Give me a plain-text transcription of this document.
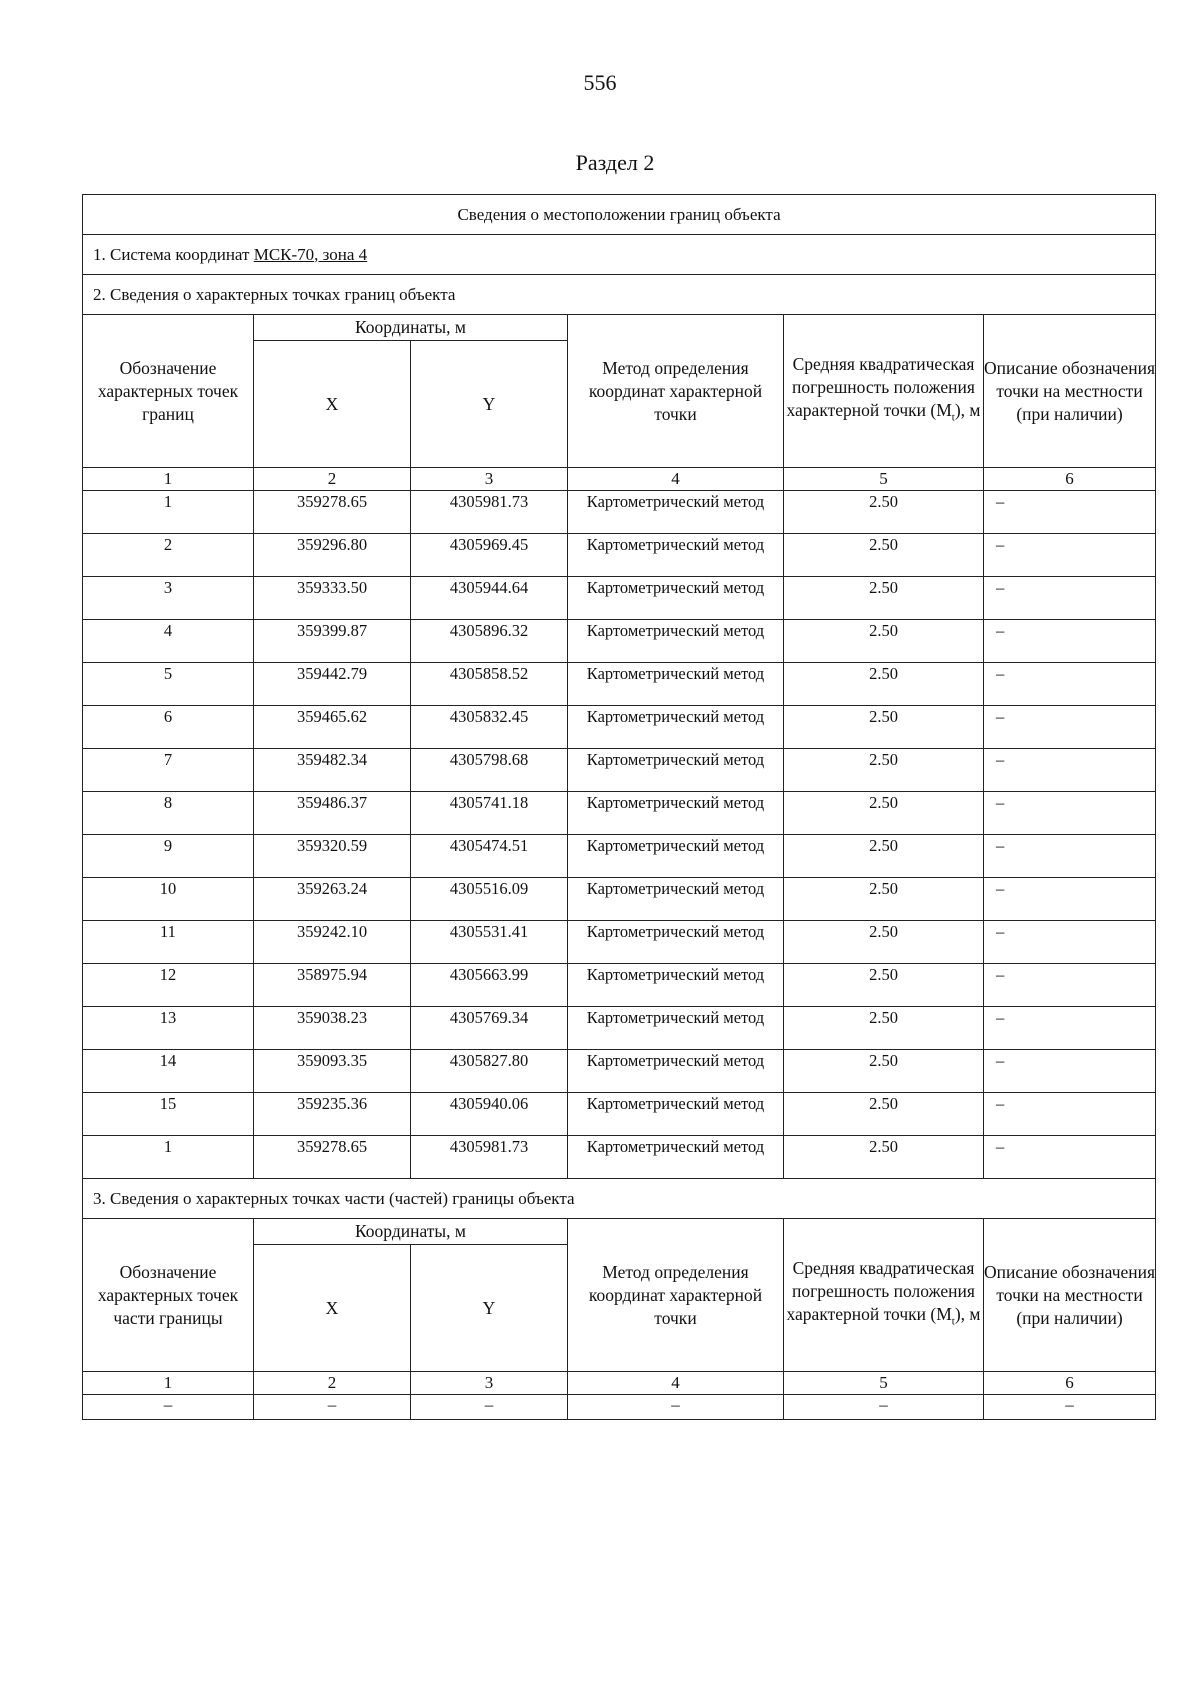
556
Раздел 2
Сведения о местоположении границ объекта					
1. Система координат МСК-70, зона 4					
2. Сведения о характерных точках границ объекта					
Обозначение характерных точек границ	Координаты, м		Метод определения координат характерной точки	Средняя квадратическая погрешность положения характерной точки $(M_t)$, м	Описание обозначения точки на местности (при наличии)
	X	Y			
1	2	3	4	5	6
1	359278.65	4305981.73	Картометрический метод	2.50	–
2	359296.80	4305969.45	Картометрический метод	2.50	–
3	359333.50	4305944.64	Картометрический метод	2.50	–
4	359399.87	4305896.32	Картометрический метод	2.50	–
5	359442.79	4305858.52	Картометрический метод	2.50	–
6	359465.62	4305832.45	Картометрический метод	2.50	–
7	359482.34	4305798.68	Картометрический метод	2.50	–
8	359486.37	4305741.18	Картометрический метод	2.50	–
9	359320.59	4305474.51	Картометрический метод	2.50	–
10	359263.24	4305516.09	Картометрический метод	2.50	–
11	359242.10	4305531.41	Картометрический метод	2.50	–
12	358975.94	4305663.99	Картометрический метод	2.50	–
13	359038.23	4305769.34	Картометрический метод	2.50	–
14	359093.35	4305827.80	Картометрический метод	2.50	–
15	359235.36	4305940.06	Картометрический метод	2.50	–
1	359278.65	4305981.73	Картометрический метод	2.50	–
3. Сведения о характерных точках части (частей) границы объекта					
Обозначение характерных точек части границы	Координаты, м		Метод определения координат характерной точки	Средняя квадратическая погрешность положения характерной точки $(M_t)$, м	Описание обозначения точки на местности (при наличии)
	X	Y			
1	2	3	4	5	6
–	–	–	–	–	–
